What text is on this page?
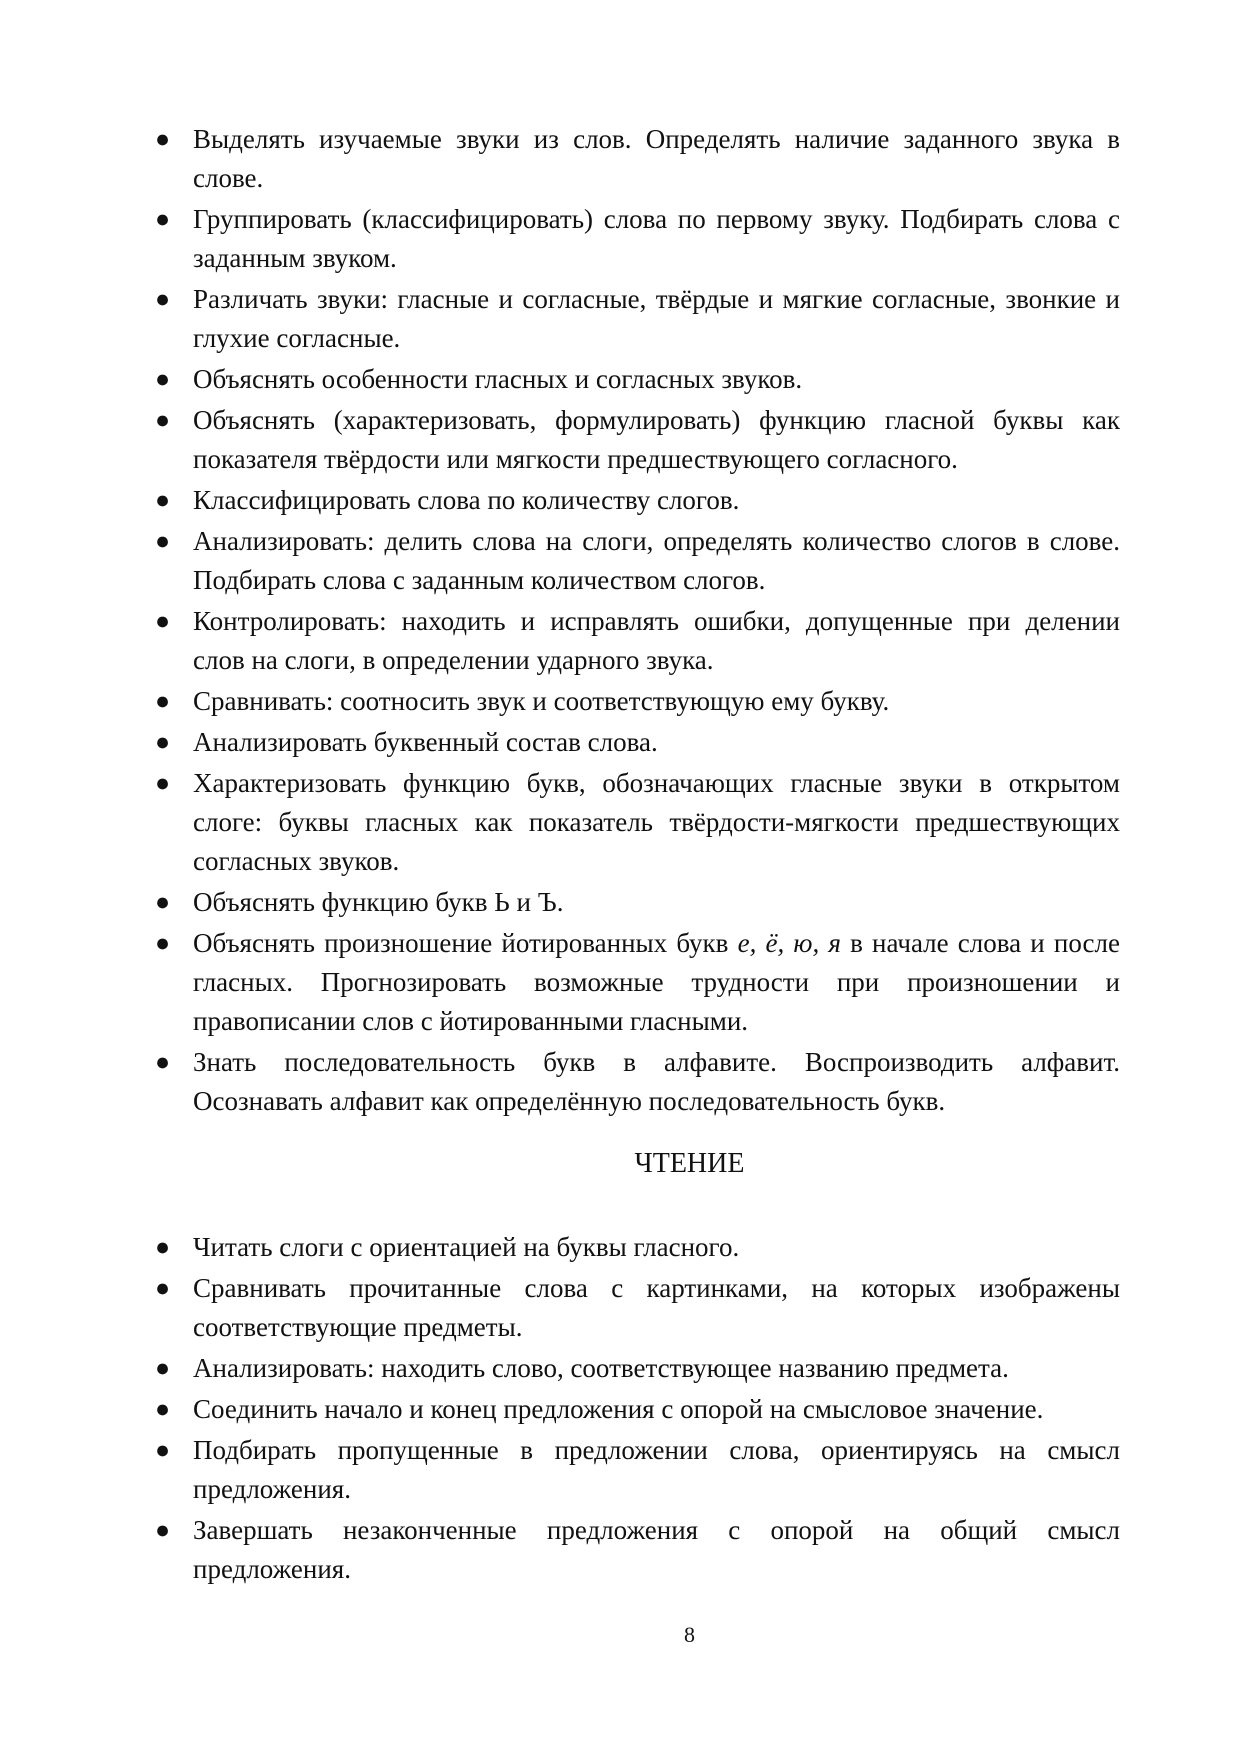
● Выделять изучаемые звуки из слов. Определять наличие заданного звука в слове.
● Группировать (классифицировать) слова по первому звуку. Подбирать слова с заданным звуком.
● Различать звуки: гласные и согласные, твёрдые и мягкие согласные, звонкие и глухие согласные.
● Объяснять особенности гласных и согласных звуков.
● Объяснять (характеризовать, формулировать) функцию гласной буквы как показателя твёрдости или мягкости предшествующего согласного.
● Классифицировать слова по количеству слогов.
● Анализировать: делить слова на слоги, определять количество слогов в слове. Подбирать слова с заданным количеством слогов.
● Контролировать: находить и исправлять ошибки, допущенные при делении слов на слоги, в определении ударного звука.
● Сравнивать: соотносить звук и соответствующую ему букву.
● Анализировать буквенный состав слова.
● Характеризовать функцию букв, обозначающих гласные звуки в открытом слоге: буквы гласных как показатель твёрдости-мягкости предшествующих согласных звуков.
● Объяснять функцию букв Ь и Ъ.
● Объяснять произношение йотированных букв е, ё, ю, я в начале слова и после гласных. Прогнозировать возможные трудности при произношении и правописании слов с йотированными гласными.
● Знать последовательность букв в алфавите. Воспроизводить алфавит. Осознавать алфавит как определённую последовательность букв.
ЧТЕНИЕ
● Читать слоги с ориентацией на буквы гласного.
● Сравнивать прочитанные слова с картинками, на которых изображены соответствующие предметы.
● Анализировать: находить слово, соответствующее названию предмета.
● Соединить начало и конец предложения с опорой на смысловое значение.
● Подбирать пропущенные в предложении слова, ориентируясь на смысл предложения.
● Завершать незаконченные предложения с опорой на общий смысл предложения.
8
